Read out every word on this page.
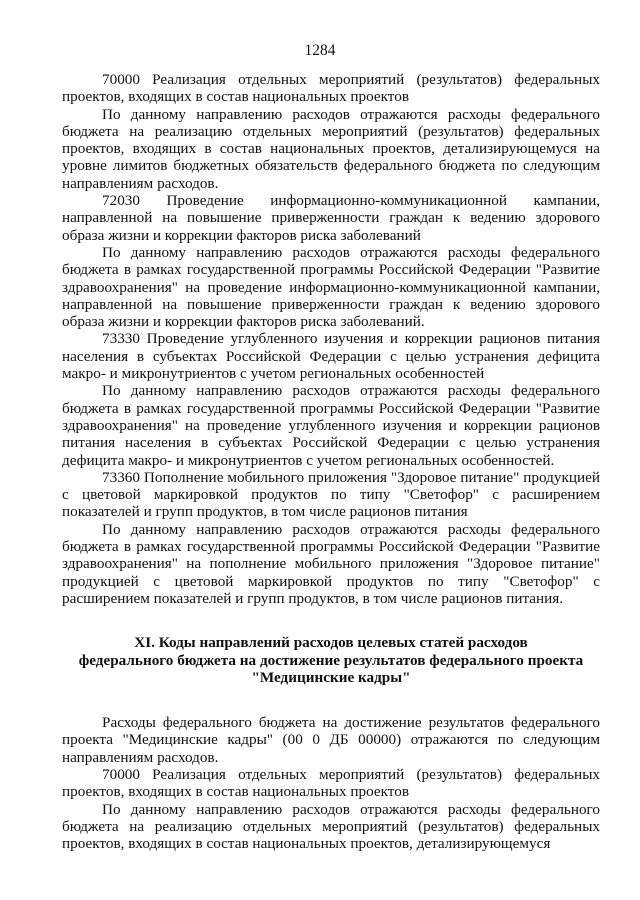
1284

70000 Реализация отдельных мероприятий (результатов) федеральных проектов, входящих в состав национальных проектов

По данному направлению расходов отражаются расходы федерального бюджета на реализацию отдельных мероприятий (результатов) федеральных проектов, входящих в состав национальных проектов, детализирующемуся на уровне лимитов бюджетных обязательств федерального бюджета по следующим направлениям расходов.

72030 Проведение информационно-коммуникационной кампании, направленной на повышение приверженности граждан к ведению здорового образа жизни и коррекции факторов риска заболеваний

По данному направлению расходов отражаются расходы федерального бюджета в рамках государственной программы Российской Федерации "Развитие здравоохранения" на проведение информационно-коммуникационной кампании, направленной на повышение приверженности граждан к ведению здорового образа жизни и коррекции факторов риска заболеваний.

73330 Проведение углубленного изучения и коррекции рационов питания населения в субъектах Российской Федерации с целью устранения дефицита макро- и микронутриентов с учетом региональных особенностей

По данному направлению расходов отражаются расходы федерального бюджета в рамках государственной программы Российской Федерации "Развитие здравоохранения" на проведение углубленного изучения и коррекции рационов питания населения в субъектах Российской Федерации с целью устранения дефицита макро- и микронутриентов с учетом региональных особенностей.

73360 Пополнение мобильного приложения "Здоровое питание" продукцией с цветовой маркировкой продуктов по типу "Светофор" с расширением показателей и групп продуктов, в том числе рационов питания

По данному направлению расходов отражаются расходы федерального бюджета в рамках государственной программы Российской Федерации "Развитие здравоохранения" на пополнение мобильного приложения "Здоровое питание" продукцией с цветовой маркировкой продуктов по типу "Светофор" с расширением показателей и групп продуктов, в том числе рационов питания.

XI. Коды направлений расходов целевых статей расходов
федерального бюджета на достижение результатов федерального проекта
"Медицинские кадры"

Расходы федерального бюджета на достижение результатов федерального проекта "Медицинские кадры" (00 0 ДБ 00000) отражаются по следующим направлениям расходов.

70000 Реализация отдельных мероприятий (результатов) федеральных проектов, входящих в состав национальных проектов

По данному направлению расходов отражаются расходы федерального бюджета на реализацию отдельных мероприятий (результатов) федеральных проектов, входящих в состав национальных проектов, детализирующемуся
